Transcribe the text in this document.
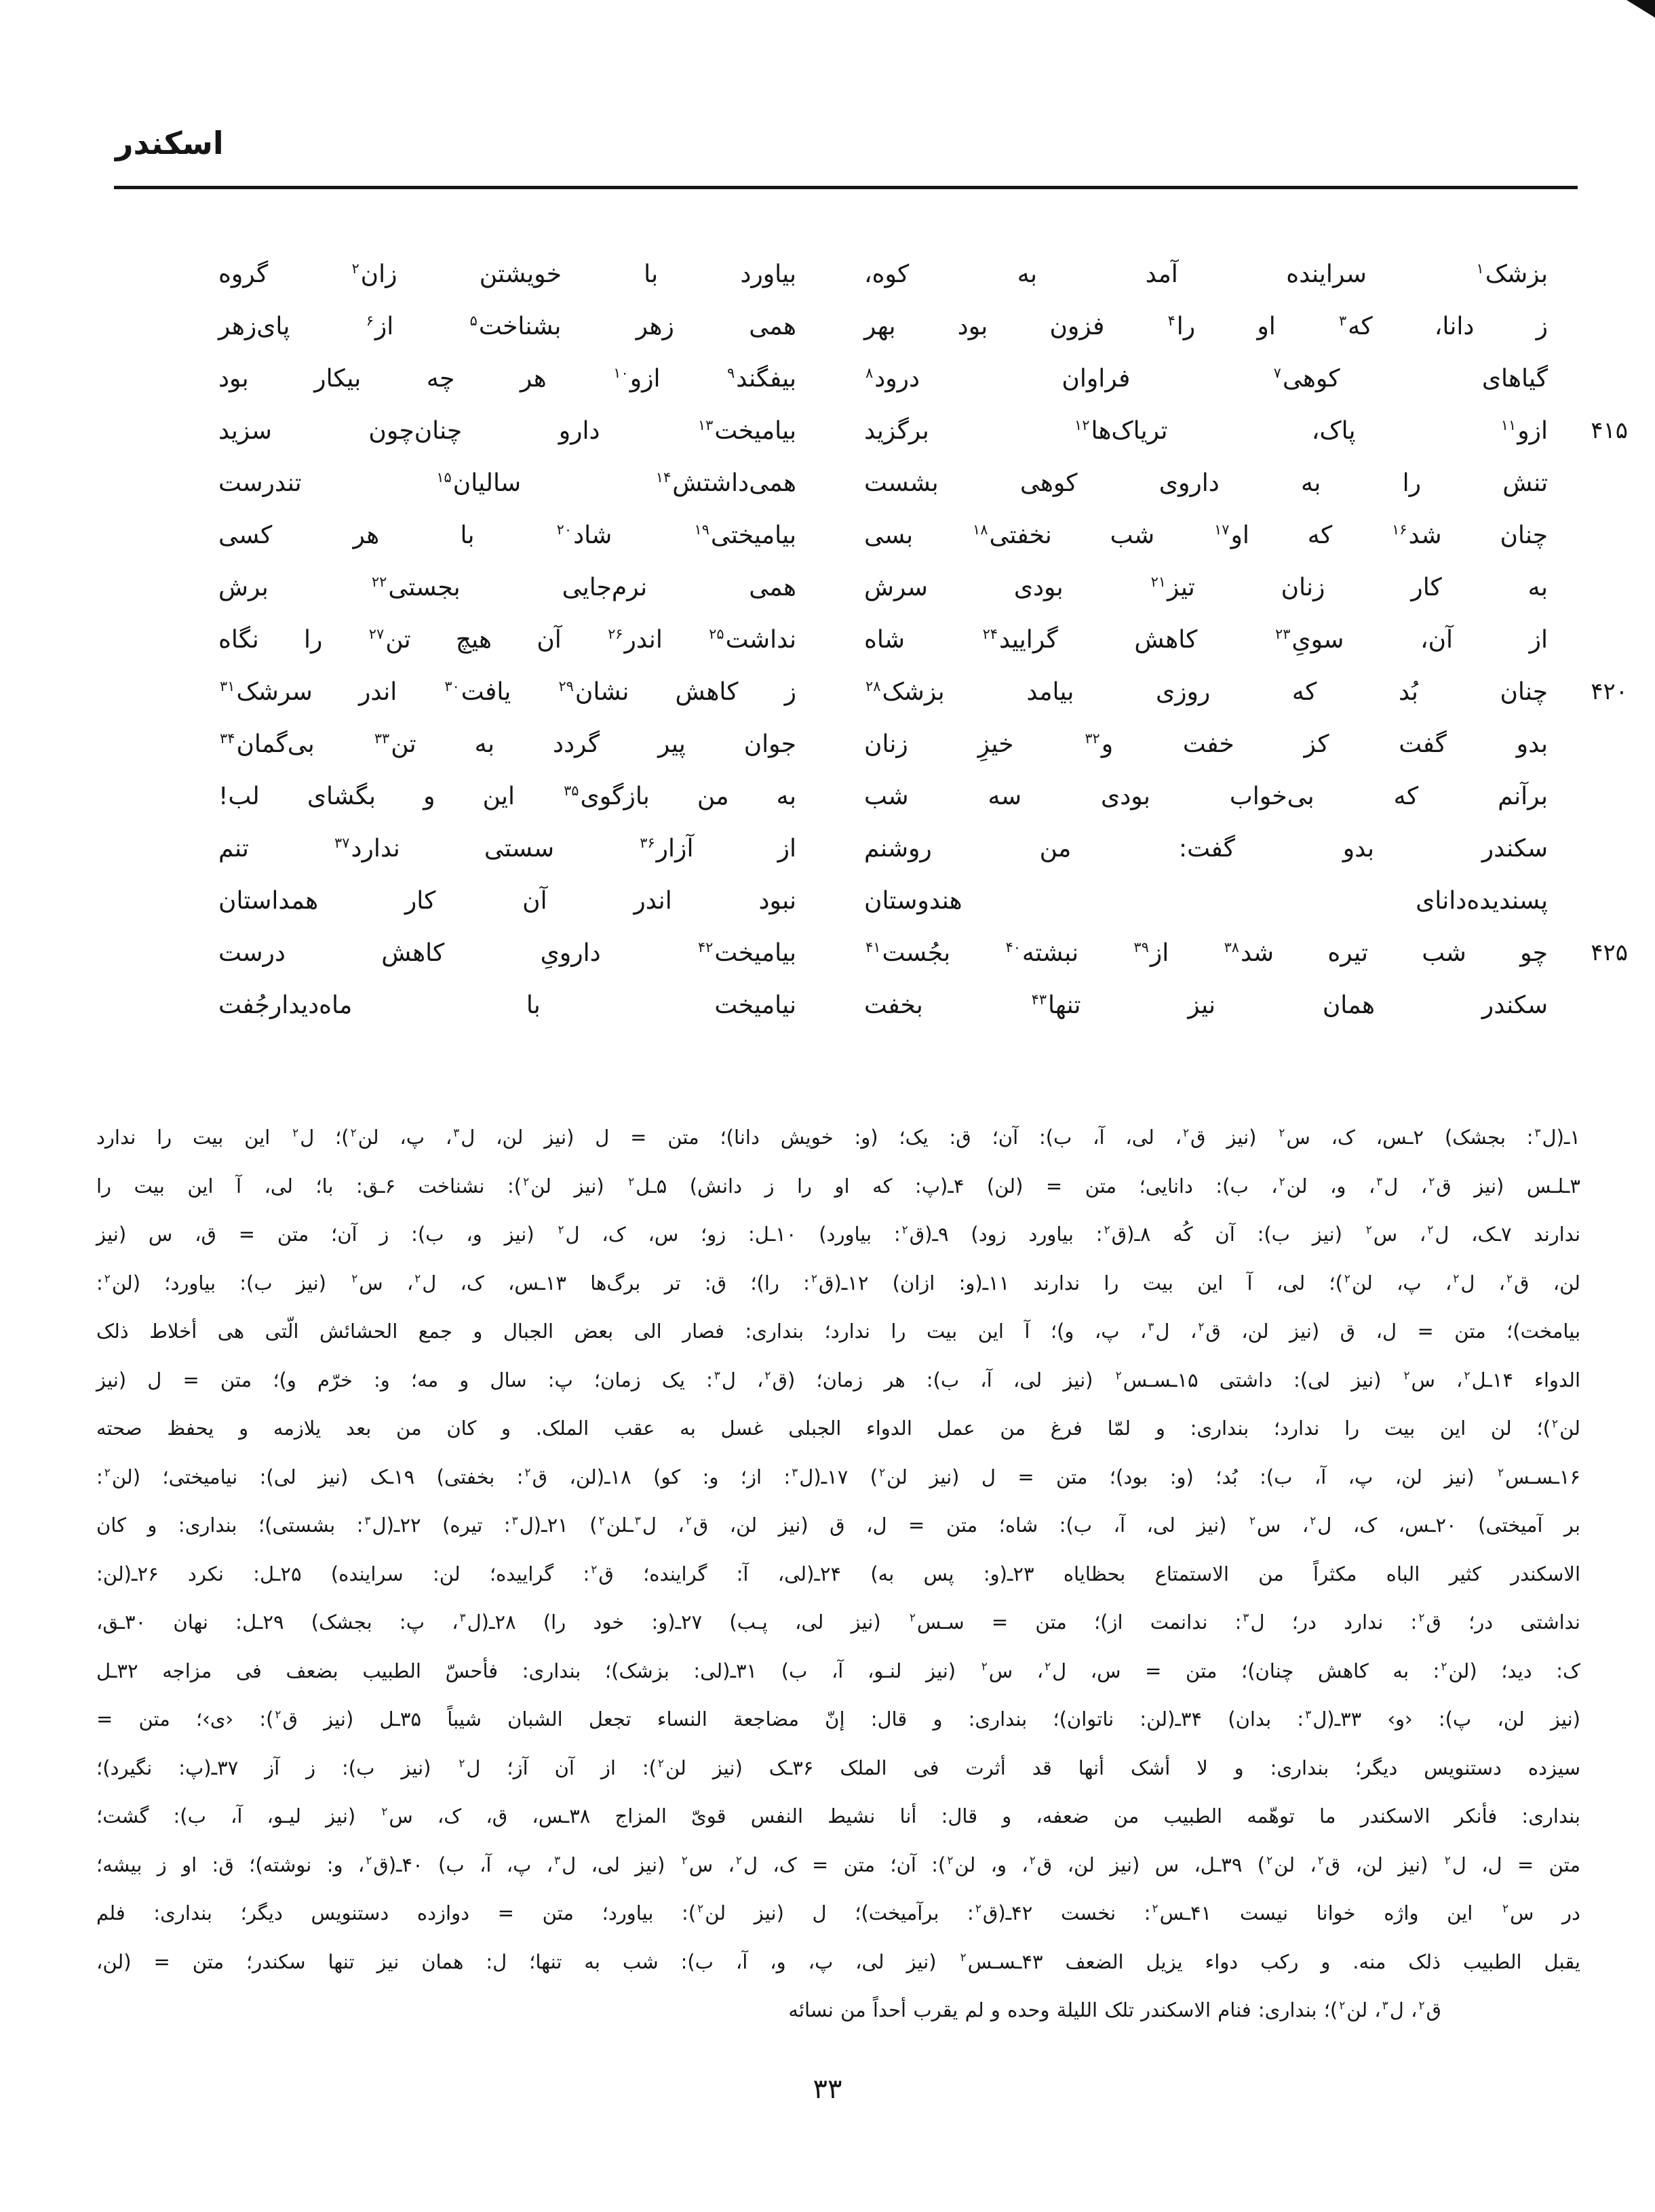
اسکندر
بزشک$^۱$ سراینده آمد به کوه،
بیاورد با خویشتن زان$^۲$ گروه
ز دانا، که$^۳$ او را$^۴$ فزون بود بهر
همی زهر بشناخت$^۵$ از$^۶$ پای‌زهر
گیاهای کوهی$^۷$ فراوان درود$^۸$
بیفگند$^۹$ ازو$^{۱۰}$ هر چه بیکار بود
۴۱۵
ازو$^{۱۱}$ پاک، تریاک‌ها$^{۱۲}$ برگزید
بیامیخت$^{۱۳}$ دارو چنان‌چون سزید
تنش را به داروی کوهی بشست
همی‌داشتش$^{۱۴}$ سالیان$^{۱۵}$ تندرست
چنان شد$^{۱۶}$ که او$^{۱۷}$ شب نخفتی$^{۱۸}$ بسی
بیامیختی$^{۱۹}$ شاد$^{۲۰}$ با هر کسی
به کار زنان تیز$^{۲۱}$ بودی سرش
همی نرم‌جایی بجستی$^{۲۲}$ برش
از آن، سویِ$^{۲۳}$ کاهش گرایید$^{۲۴}$ شاه
نداشت$^{۲۵}$ اندر$^{۲۶}$ آن هیچ تن$^{۲۷}$ را نگاه
۴۲۰
چنان بُد که روزی بیامد بزشک$^{۲۸}$
ز کاهش نشان$^{۲۹}$ یافت$^{۳۰}$ اندر سرشک$^{۳۱}$
بدو گفت کز خفت و$^{۳۲}$ خیزِ زنان
جوان پیر گردد به تن$^{۳۳}$ بی‌گمان$^{۳۴}$
برآنم که بی‌خواب بودی سه شب
به من بازگوی$^{۳۵}$ این و بگشای لب!
سکندر بدو گفت: من روشنم
از آزار$^{۳۶}$ سستی ندارد$^{۳۷}$ تنم
پسندیده‌دانای هندوستان
نبود اندر آن کار همداستان
۴۲۵
چو شب تیره شد$^{۳۸}$ از$^{۳۹}$ نبشته$^{۴۰}$ بجُست$^{۴۱}$
بیامیخت$^{۴۲}$ دارویِ کاهش درست
سکندر همان نیز تنها$^{۴۳}$ بخفت
نیامیخت با ماه‌دیدارجُفت
۱ـ(ل$^۳$: بجشک) ۲ـس، ک، س$^۲$ (نیز ق$^۲$، لی، آ، ب): آن؛ ق: یک؛ (و: خویش دانا)؛ متن = ل (نیز لن، ل$^۳$، پ، لن$^۲$)؛ ل$^۲$ این بیت را ندارد
۳ـلـس (نیز ق$^۲$، ل$^۳$، و، لن$^۲$، ب): دانایی؛ متن = (لن) ۴ـ(پ: که او را ز دانش) ۵ـل$^۲$ (نیز لن$^۲$): نشناخت ۶ـق: با؛ لی، آ این بیت را
ندارند ۷ـک، ل$^۲$، س$^۲$ (نیز ب): آن کُه ۸ـ(ق$^۲$: بیاورد زود) ۹ـ(ق$^۲$: بیاورد) ۱۰ـل: زو؛ س، ک، ل$^۲$ (نیز و، ب): ز آن؛ متن = ق، س (نیز
لن، ق$^۲$، ل$^۲$، پ، لن$^۲$)؛ لی، آ این بیت را ندارند ۱۱ـ(و: ازان) ۱۲ـ(ق$^۲$: را)؛ ق: تر برگ‌ها ۱۳ـس، ک، ل$^۲$، س$^۲$ (نیز ب): بیاورد؛ (لن$^۲$:
بیامخت)؛ متن = ل، ق (نیز لن، ق$^۲$، ل$^۳$، پ، و)؛ آ این بیت را ندارد؛ بنداری: فصار الی بعض الجبال و جمع الحشائش الّتی هی أخلاط ذلک
الدواء ۱۴ـل$^۲$، س$^۲$ (نیز لی): داشتی ۱۵ـسـس$^۲$ (نیز لی، آ، ب): هر زمان؛ (ق$^۲$، ل$^۳$: یک زمان؛ پ: سال و مه؛ و: خرّم و)؛ متن = ل (نیز
لن$^۲$)؛ لن این بیت را ندارد؛ بنداری: و لمّا فرغ من عمل الدواء الجبلی غسل به عقب الملک. و کان من بعد یلازمه و یحفظ صحته
۱۶ـسـس$^۲$ (نیز لن، پ، آ، ب): بُد؛ (و: بود)؛ متن = ل (نیز لن$^۲$) ۱۷ـ(ل$^۳$: از؛ و: کو) ۱۸ـ(لن، ق$^۲$: بخفتی) ۱۹ـک (نیز لی): نیامیختی؛ (لن$^۲$:
بر آمیختی) ۲۰ـس، ک، ل$^۲$، س$^۲$ (نیز لی، آ، ب): شاه؛ متن = ل، ق (نیز لن، ق$^۲$، ل$^۳$ـلن$^۲$) ۲۱ـ(ل$^۳$: تیره) ۲۲ـ(ل$^۳$: بشستی)؛ بنداری: و کان
الاسکندر کثیر الباه مکثراً من الاستمتاع بحظایاه ۲۳ـ(و: پس به) ۲۴ـ(لی، آ: گراینده؛ ق$^۲$: گراییده؛ لن: سراینده) ۲۵ـل: نکرد ۲۶ـ(لن:
نداشتی در؛ ق$^۲$: ندارد در؛ ل$^۳$: ندانمت از)؛ متن = سـس$^۲$ (نیز لی، پـب) ۲۷ـ(و: خود را) ۲۸ـ(ل$^۳$، پ: بجشک) ۲۹ـل: نهان ۳۰ـق،
ک: دید؛ (لن$^۲$: به کاهش چنان)؛ متن = س، ل$^۲$، س$^۲$ (نیز لنـو، آ، ب) ۳۱ـ(لی: بزشک)؛ بنداری: فأحسّ الطبیب بضعف فی مزاجه ۳۲ـل
(نیز لن، پ): ‹و› ۳۳ـ(ل$^۳$: بدان) ۳۴ـ(لن: ناتوان)؛ بنداری: و قال: إنّ مضاجعة النساء تجعل الشبان شیباً ۳۵ـل (نیز ق$^۲$): ‹ی›؛ متن =
سیزده دستنویس دیگر؛ بنداری: و لا أشک أنها قد أثرت فی الملک ۳۶ـک (نیز لن$^۲$): از آن آز؛ ل$^۲$ (نیز ب): ز آز ۳۷ـ(پ: نگیرد)؛
بنداری: فأنکر الاسکندر ما توهّمه الطبیب من ضعفه، و قال: أنا نشیط النفس قویّ المزاج ۳۸ـس، ق، ک، س$^۲$ (نیز لیـو، آ، ب): گشت؛
متن = ل، ل$^۲$ (نیز لن، ق$^۲$، لن$^۲$) ۳۹ـل، س (نیز لن، ق$^۲$، و، لن$^۲$): آن؛ متن = ک، ل$^۲$، س$^۲$ (نیز لی، ل$^۳$، پ، آ، ب) ۴۰ـ(ق$^۲$، و: نوشته)؛ ق: او ز بیشه؛
در س$^۲$ این واژه خوانا نیست ۴۱ـس$^۲$: نخست ۴۲ـ(ق$^۲$: برآمیخت)؛ ل (نیز لن$^۲$): بیاورد؛ متن = دوازده دستنویس دیگر؛ بنداری: فلم
یقبل الطبیب ذلک منه. و رکب دواء یزیل الضعف ۴۳ـسـس$^۲$ (نیز لی، پ، و، آ، ب): شب به تنها؛ ل: همان نیز تنها سکندر؛ متن = (لن،
ق$^۲$، ل$^۳$، لن$^۲$)؛ بنداری: فنام الاسکندر تلک اللیلة وحده و لم یقرب أحداً من نسائه
۳۳
